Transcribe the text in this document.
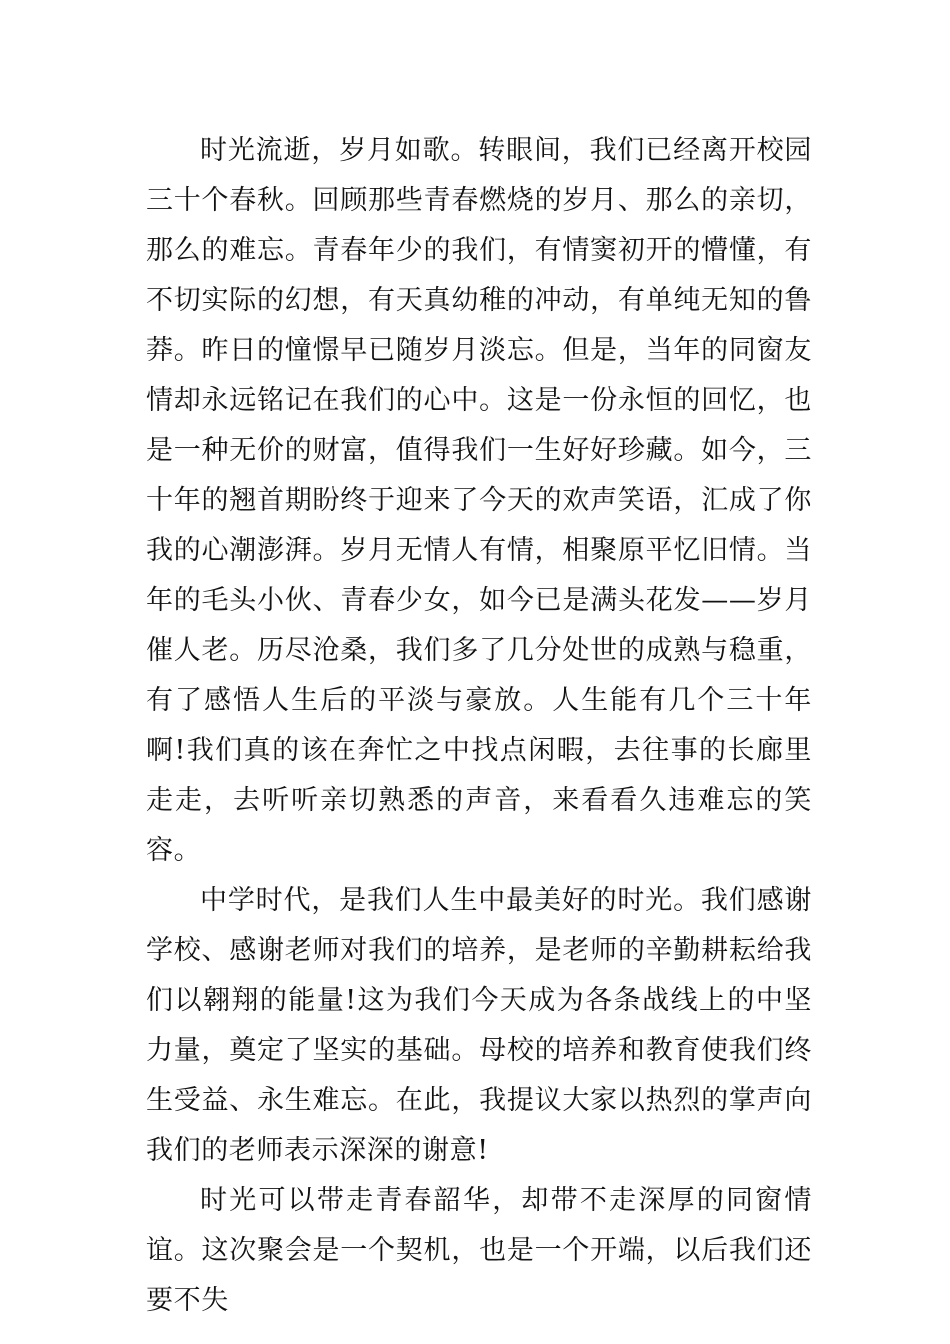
时光流逝，岁月如歌。转眼间，我们已经离开校园三十个春秋。回顾那些青春燃烧的岁月、那么的亲切，那么的难忘。青春年少的我们，有情窦初开的懵懂，有不切实际的幻想，有天真幼稚的冲动，有单纯无知的鲁莽。昨日的憧憬早已随岁月淡忘。但是，当年的同窗友情却永远铭记在我们的心中。这是一份永恒的回忆，也是一种无价的财富，值得我们一生好好珍藏。如今，三十年的翘首期盼终于迎来了今天的欢声笑语，汇成了你我的心潮澎湃。岁月无情人有情，相聚原平忆旧情。当年的毛头小伙、青春少女，如今已是满头花发——岁月催人老。历尽沧桑，我们多了几分处世的成熟与稳重，有了感悟人生后的平淡与豪放。人生能有几个三十年啊!我们真的该在奔忙之中找点闲暇，去往事的长廊里走走，去听听亲切熟悉的声音，来看看久违难忘的笑容。

中学时代，是我们人生中最美好的时光。我们感谢学校、感谢老师对我们的培养，是老师的辛勤耕耘给我们以翱翔的能量!这为我们今天成为各条战线上的中坚力量，奠定了坚实的基础。母校的培养和教育使我们终生受益、永生难忘。在此，我提议大家以热烈的掌声向我们的老师表示深深的谢意!

时光可以带走青春韶华，却带不走深厚的同窗情谊。这次聚会是一个契机，也是一个开端，以后我们还要不失
